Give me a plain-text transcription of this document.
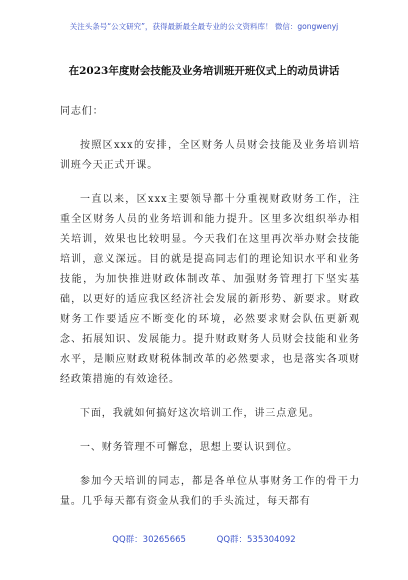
关注头条号“公文研究”，获得最新最全最专业的公文资料库！ 微信：gongwenyj
在2023年度财会技能及业务培训班开班仪式上的动员讲话

同志们：

按照区xxx的安排，全区财务人员财会技能及业务培训培训班今天正式开课。

一直以来，区xxx主要领导都十分重视财政财务工作，注重全区财务人员的业务培训和能力提升。区里多次组织举办相关培训，效果也比较明显。今天我们在这里再次举办财会技能培训，意义深远。目的就是提高同志们的理论知识水平和业务技能，为加快推进财政体制改革、加强财务管理打下坚实基础，以更好的适应我区经济社会发展的新形势、新要求。财政财务工作要适应不断变化的环境，必然要求财会队伍更新观念、拓展知识、发展能力。提升财政财务人员财会技能和业务水平，是顺应财政财税体制改革的必然要求，也是落实各项财经政策措施的有效途径。

下面，我就如何搞好这次培训工作，讲三点意见。

一、财务管理不可懈怠，思想上要认识到位。

参加今天培训的同志，都是各单位从事财务工作的骨干力量。几乎每天都有资金从我们的手头流过，每天都有

QQ群：30265665	QQ群：535304092
